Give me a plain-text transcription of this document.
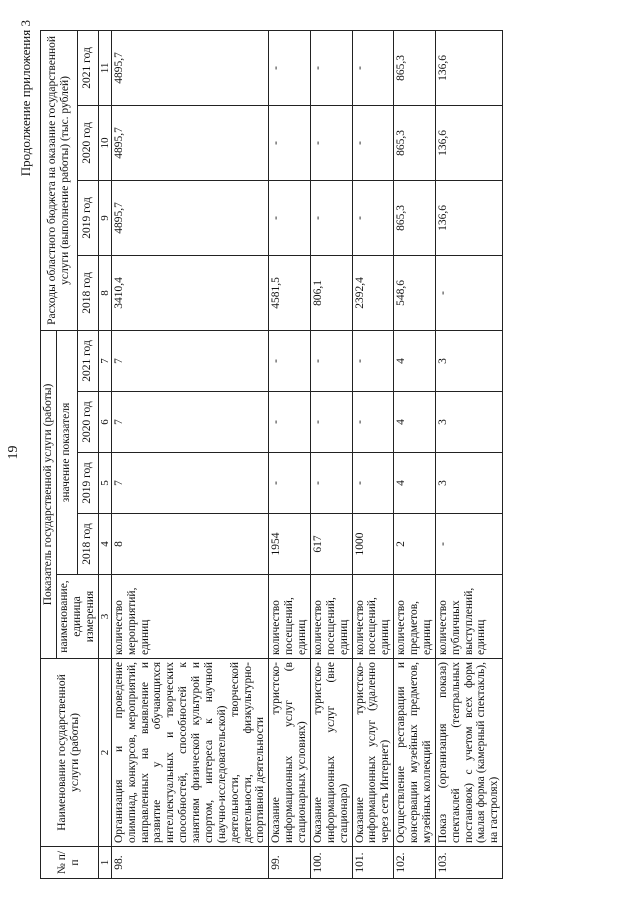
19
Продолжение приложения 3
№ п/п	Наименование государственной услуги (работы)	Показатель государственной услуги (работы)					Расходы областного бюджета на оказание государственной услуги (выполнение работы) (тыс. рублей)			
		наименование, единица измерения	значение показателя							
			2018 год	2019 год	2020 год	2021 год	2018 год	2019 год	2020 год	2021 год
1	2	3	4	5	6	7	8	9	10	11
98.	Организация и проведение олимпиад, конкурсов, мероприятий, направленных на выявление и развитие у обучающихся интеллектуальных и творческих способностей, способностей к занятиям физической культурой и спортом, интереса к научной (научно-исследовательской) деятельности, творческой деятельности, физкультурно-спортивной деятельности	количество мероприятий, единиц	8	7	7	7	3410,4	4895,7	4895,7	4895,7
99.	Оказание туристско-информационных услуг (в стационарных условиях)	количество посещений, единиц	1954	-	-	-	4581,5	-	-	-
100.	Оказание туристско-информационных услуг (вне стационара)	количество посещений, единиц	617	-	-	-	806,1	-	-	-
101.	Оказание туристско-информационных услуг (удаленно через сеть Интернет)	количество посещений, единиц	1000	-	-	-	2392,4	-	-	-
102.	Осуществление реставрации и консервации музейных предметов, музейных коллекций	количество предметов, единиц	2	4	4	4	548,6	865,3	865,3	865,3
103.	Показ (организация показа) спектаклей (театральных постановок) с учетом всех форм (малая форма (камерный спектакль), на гастролях)	количество публичных выступлений, единиц	-	3	3	3	-	136,6	136,6	136,6
